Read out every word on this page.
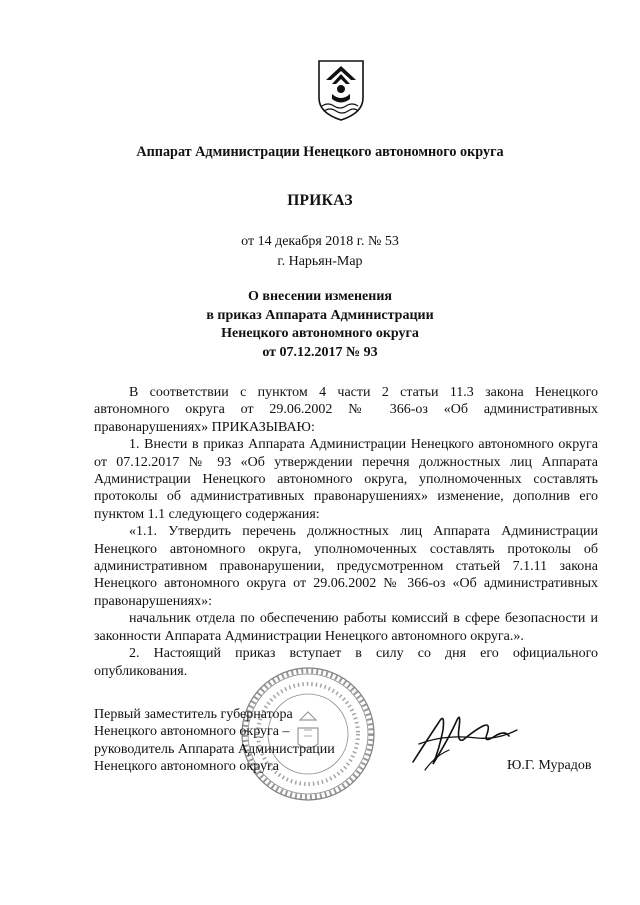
Аппарат Администрации Ненецкого автономного округа
ПРИКАЗ
от 14 декабря 2018 г. № 53
г. Нарьян-Мар
О внесении изменения
в приказ Аппарата Администрации
Ненецкого автономного округа
от 07.12.2017 № 93

В соответствии с пунктом 4 части 2 статьи 11.3 закона Ненецкого автономного округа от 29.06.2002 № 366-оз «Об административных правонарушениях» ПРИКАЗЫВАЮ:

1. Внести в приказ Аппарата Администрации Ненецкого автономного округа от 07.12.2017 № 93 «Об утверждении перечня должностных лиц Аппарата Администрации Ненецкого автономного округа, уполномоченных составлять протоколы об административных правонарушениях» изменение, дополнив его пунктом 1.1 следующего содержания:

«1.1. Утвердить перечень должностных лиц Аппарата Администрации Ненецкого автономного округа, уполномоченных составлять протоколы об административном правонарушении, предусмотренном статьей 7.1.11 закона Ненецкого автономного округа от 29.06.2002 № 366-оз «Об административных правонарушениях»:

начальник отдела по обеспечению работы комиссий в сфере безопасности и законности Аппарата Администрации Ненецкого автономного округа.».

2. Настоящий приказ вступает в силу со дня его официального опубликования.

Первый заместитель губернатора
Ненецкого автономного округа –
руководитель Аппарата Администрации
Ненецкого автономного округа	Ю.Г. Мурадов
